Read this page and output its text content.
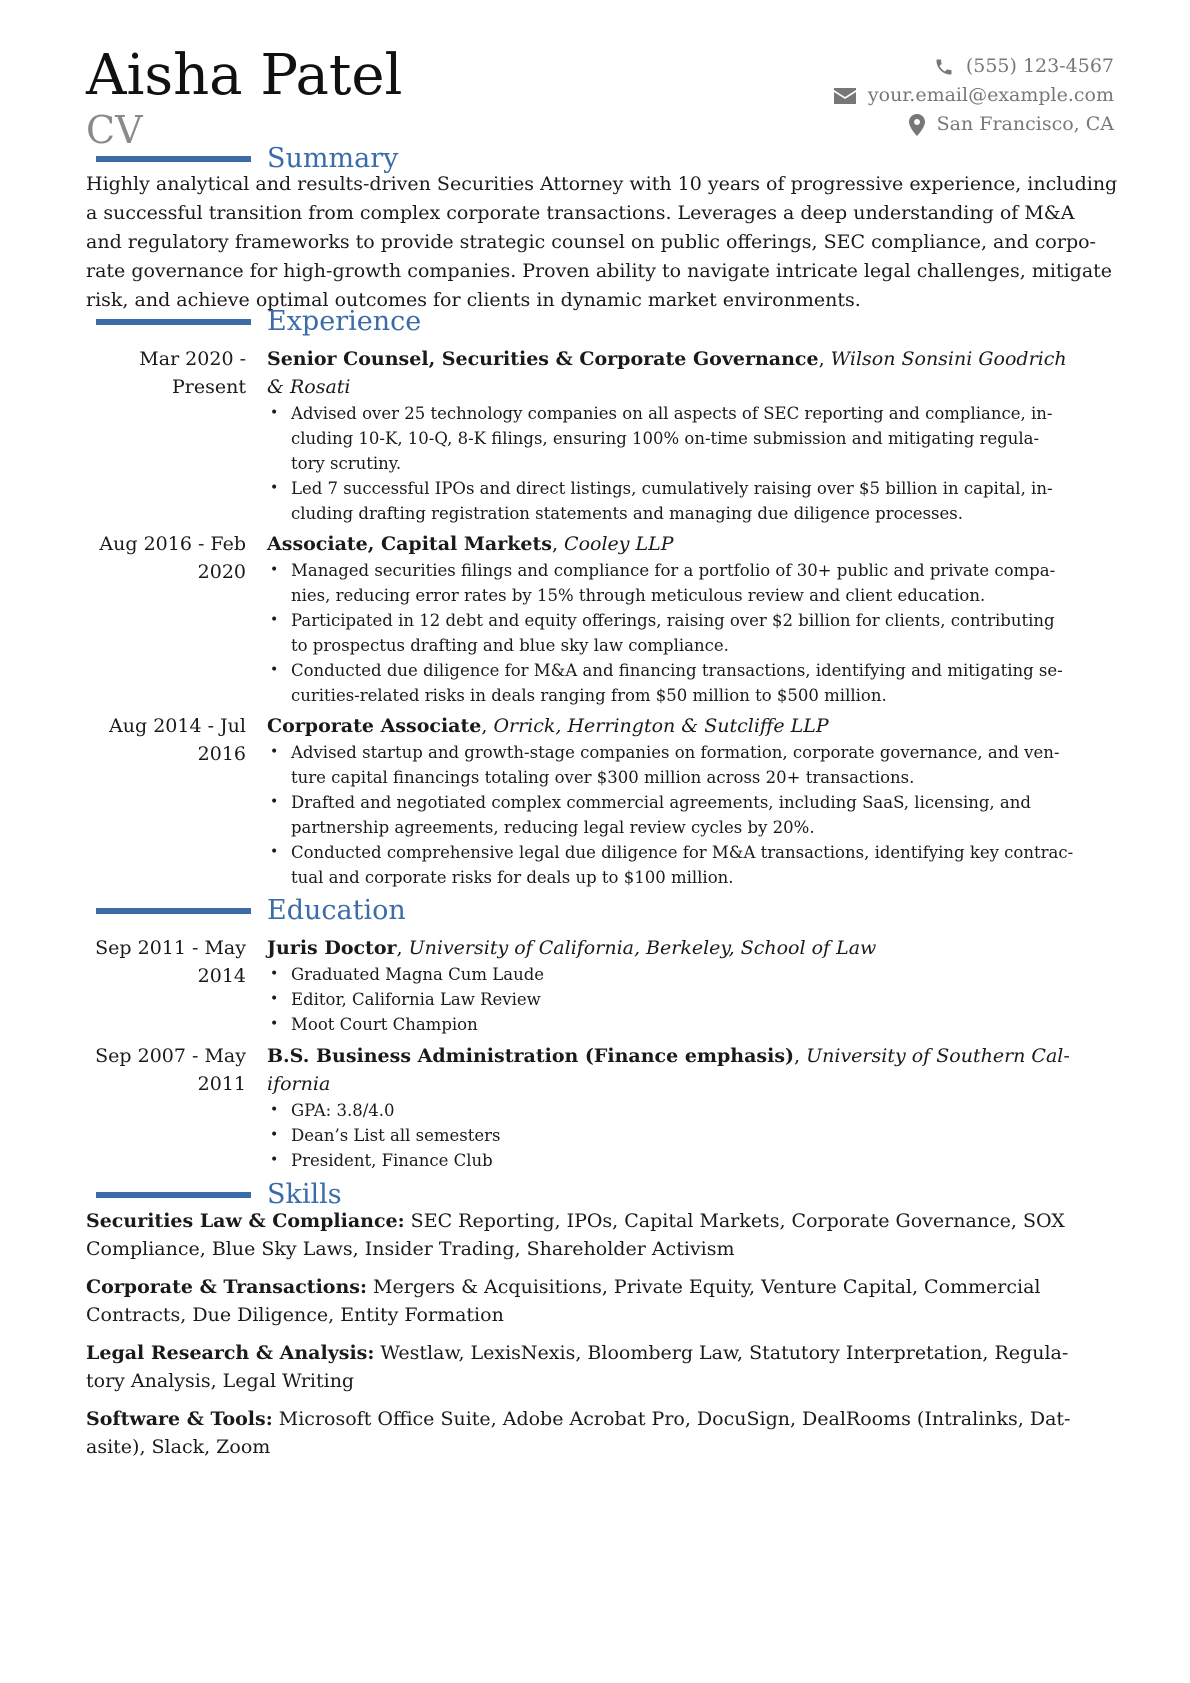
Aisha Patel
CV
(555) 123-4567
your.email@example.com
San Francisco, CA
Summary
Highly analytical and results-driven Securities Attorney with 10 years of progressive experience, including
a successful transition from complex corporate transactions. Leverages a deep understanding of M&A
and regulatory frameworks to provide strategic counsel on public offerings, SEC compliance, and corpo-
rate governance for high-growth companies. Proven ability to navigate intricate legal challenges, mitigate
risk, and achieve optimal outcomes for clients in dynamic market environments.
Experience
Mar 2020 -
Present
Senior Counsel, Securities & Corporate Governance, Wilson Sonsini Goodrich
& Rosati
• Advised over 25 technology companies on all aspects of SEC reporting and compliance, in-
cluding 10-K, 10-Q, 8-K filings, ensuring 100% on-time submission and mitigating regula-
tory scrutiny.
• Led 7 successful IPOs and direct listings, cumulatively raising over $5 billion in capital, in-
cluding drafting registration statements and managing due diligence processes.
Aug 2016 - Feb
2020
Associate, Capital Markets, Cooley LLP
• Managed securities filings and compliance for a portfolio of 30+ public and private compa-
nies, reducing error rates by 15% through meticulous review and client education.
• Participated in 12 debt and equity offerings, raising over $2 billion for clients, contributing
to prospectus drafting and blue sky law compliance.
• Conducted due diligence for M&A and financing transactions, identifying and mitigating se-
curities-related risks in deals ranging from $50 million to $500 million.
Aug 2014 - Jul
2016
Corporate Associate, Orrick, Herrington & Sutcliffe LLP
• Advised startup and growth-stage companies on formation, corporate governance, and ven-
ture capital financings totaling over $300 million across 20+ transactions.
• Drafted and negotiated complex commercial agreements, including SaaS, licensing, and
partnership agreements, reducing legal review cycles by 20%.
• Conducted comprehensive legal due diligence for M&A transactions, identifying key contrac-
tual and corporate risks for deals up to $100 million.
Education
Sep 2011 - May
2014
Juris Doctor, University of California, Berkeley, School of Law
• Graduated Magna Cum Laude
• Editor, California Law Review
• Moot Court Champion
Sep 2007 - May
2011
B.S. Business Administration (Finance emphasis), University of Southern Cal-
ifornia
• GPA: 3.8/4.0
• Dean’s List all semesters
• President, Finance Club
Skills
Securities Law & Compliance: SEC Reporting, IPOs, Capital Markets, Corporate Governance, SOX
Compliance, Blue Sky Laws, Insider Trading, Shareholder Activism
Corporate & Transactions: Mergers & Acquisitions, Private Equity, Venture Capital, Commercial
Contracts, Due Diligence, Entity Formation
Legal Research & Analysis: Westlaw, LexisNexis, Bloomberg Law, Statutory Interpretation, Regula-
tory Analysis, Legal Writing
Software & Tools: Microsoft Office Suite, Adobe Acrobat Pro, DocuSign, DealRooms (Intralinks, Dat-
asite), Slack, Zoom
